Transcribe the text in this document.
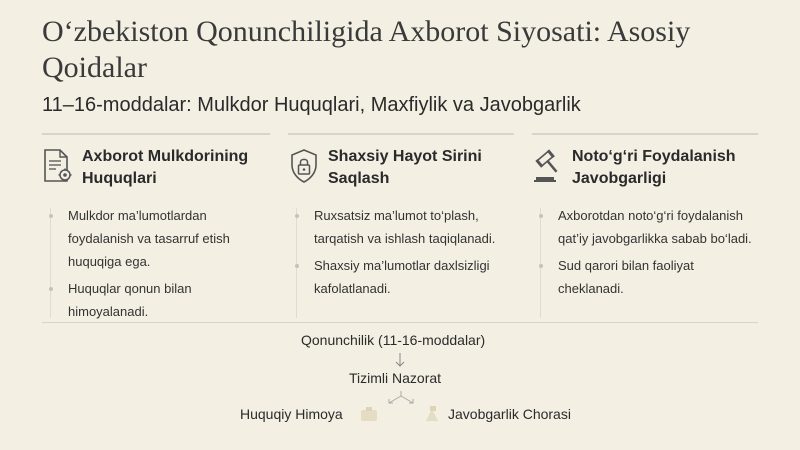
O‘zbekiston Qonunchiligida Axborot Siyosati: Asosiy Qoidalar
11–16-moddalar: Mulkdor Huquqlari, Maxfiylik va Javobgarlik
Axborot Mulkdorining Huquqlari
Mulkdor ma’lumotlardan foydalanish va tasarruf etish huquqiga ega.
Huquqlar qonun bilan himoyalanadi.
Shaxsiy Hayot Sirini Saqlash
Ruxsatsiz ma’lumot to‘plash, tarqatish va ishlash taqiqlanadi.
Shaxsiy ma’lumotlar daxlsizligi kafolatlanadi.
Noto‘g‘ri Foydalanish Javobgarligi
Axborotdan noto‘g‘ri foydalanish qat’iy javobgarlikka sabab bo‘ladi.
Sud qarori bilan faoliyat cheklanadi.
Qonunchilik (11-16-moddalar)
Tizimli Nazorat
Huquqiy Himoya	Javobgarlik Chorasi
